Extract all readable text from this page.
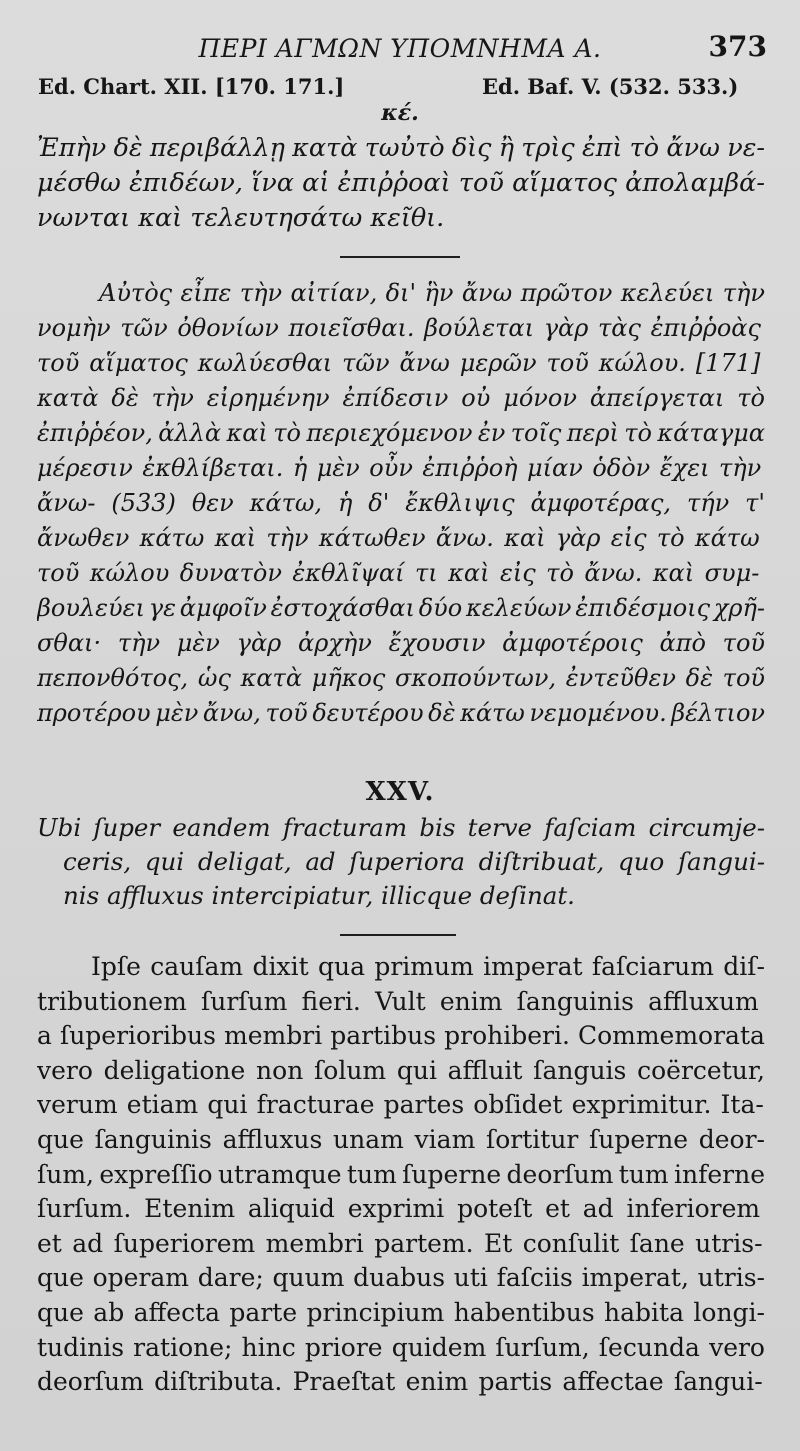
ΠΕΡΙ ΑΓΜΩΝ ΥΠΟΜΝΗΜΑ Α.	373
Ed. Chart. XII. [170. 171.]	Ed. Baf. V. (532. 533.)
κέ.
Ἐπὴν δὲ περιβάλλῃ κατὰ τωὐτὸ δὶς ἢ τρὶς ἐπὶ τὸ ἄνω νε-
μέσθω ἐπιδέων, ἵνα αἱ ἐπιῤῥοαὶ τοῦ αἵματος ἀπολαμβά-
νωνται καὶ τελευτησάτω κεῖθι.
Αὐτὸς εἶπε τὴν αἰτίαν, δι' ἣν ἄνω πρῶτον κελεύει τὴν
νομὴν τῶν ὀθονίων ποιεῖσθαι. βούλεται γὰρ τὰς ἐπιῤῥοὰς
τοῦ αἵματος κωλύεσθαι τῶν ἄνω μερῶν τοῦ κώλου. [171]
κατὰ δὲ τὴν εἰρημένην ἐπίδεσιν οὐ μόνον ἀπείργεται τὸ
ἐπιῤῥέον, ἀλλὰ καὶ τὸ περιεχόμενον ἐν τοῖς περὶ τὸ κάταγμα
μέρεσιν ἐκθλίβεται. ἡ μὲν οὖν ἐπιῤῥοὴ μίαν ὁδὸν ἔχει τὴν
ἄνω- (533) θεν κάτω, ἡ δ' ἔκθλιψις ἀμφοτέρας, τήν τ'
ἄνωθεν κάτω καὶ τὴν κάτωθεν ἄνω. καὶ γὰρ εἰς τὸ κάτω
τοῦ κώλου δυνατὸν ἐκθλῖψαί τι καὶ εἰς τὸ ἄνω. καὶ συμ-
βουλεύει γε ἀμφοῖν ἐστοχάσθαι δύο κελεύων ἐπιδέσμοις χρῆ-
σθαι· τὴν μὲν γὰρ ἀρχὴν ἔχουσιν ἀμφοτέροις ἀπὸ τοῦ
πεπονθότος, ὡς κατὰ μῆκος σκοπούντων, ἐντεῦθεν δὲ τοῦ
προτέρου μὲν ἄνω, τοῦ δευτέρου δὲ κάτω νεμομένου. βέλτιον
XXV.
Ubi ſuper eandem fracturam bis terve faſciam circumje-
ceris, qui deligat, ad ſuperiora diſtribuat, quo ſangui-
nis affluxus intercipiatur, illicque deſinat.
Ipſe cauſam dixit qua primum imperat faſciarum diſ-
tributionem ſurſum fieri. Vult enim ſanguinis affluxum
a ſuperioribus membri partibus prohiberi. Commemorata
vero deligatione non ſolum qui affluit ſanguis coërcetur,
verum etiam qui fracturae partes obſidet exprimitur. Ita-
que ſanguinis affluxus unam viam ſortitur ſuperne deor-
ſum, expreſſio utramque tum ſuperne deorſum tum inferne
ſurſum. Etenim aliquid exprimi poteſt et ad inferiorem
et ad ſuperiorem membri partem. Et conſulit ſane utris-
que operam dare; quum duabus uti faſciis imperat, utris-
que ab affecta parte principium habentibus habita longi-
tudinis ratione; hinc priore quidem ſurſum, ſecunda vero
deorſum diſtributa. Praeſtat enim partis affectae ſangui-
